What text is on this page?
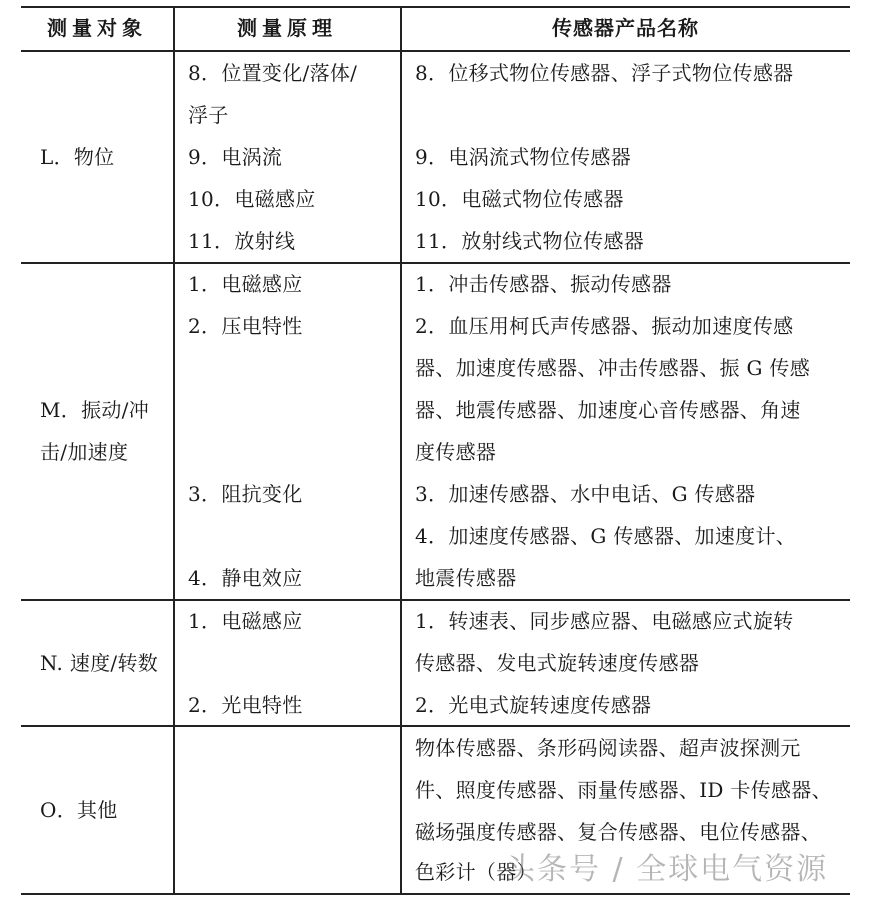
测量对象	测量原理	传感器产品名称
L．物位
8．位置变化/落体/
浮子
9．电涡流
10．电磁感应
11．放射线
8．位移式物位传感器、浮子式物位传感器
9．电涡流式物位传感器
10．电磁式物位传感器
11．放射线式物位传感器
M．振动/冲
击/加速度
1．电磁感应
2．压电特性
3．阻抗变化
4．静电效应
1．冲击传感器、振动传感器
2．血压用柯氏声传感器、振动加速度传感
器、加速度传感器、冲击传感器、振 G 传感
器、地震传感器、加速度心音传感器、角速
度传感器
3．加速传感器、水中电话、G 传感器
4．加速度传感器、G 传感器、加速度计、
地震传感器
N. 速度/转数
1．电磁感应
2．光电特性
1．转速表、同步感应器、电磁感应式旋转
传感器、发电式旋转速度传感器
2．光电式旋转速度传感器
O．其他
物体传感器、条形码阅读器、超声波探测元
件、照度传感器、雨量传感器、ID 卡传感器、
磁场强度传感器、复合传感器、电位传感器、
色彩计（器）
头条号 / 全球电气资源
